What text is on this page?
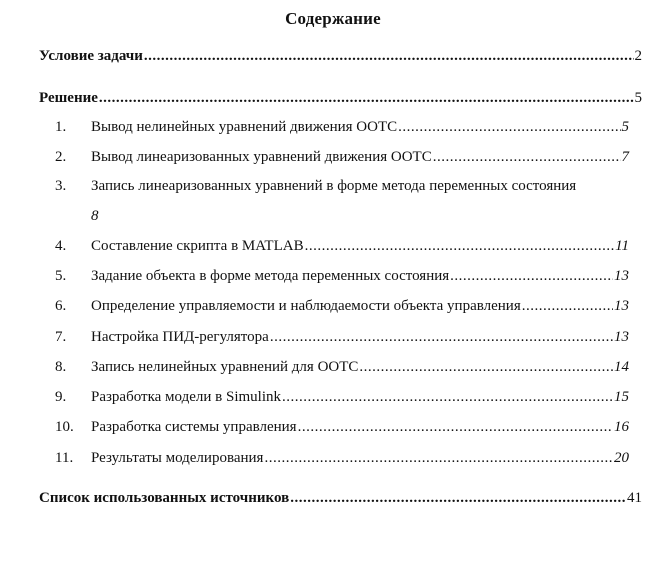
Содержание
Условие задачи .....	2
Решение .....	5
1. Вывод нелинейных уравнений движения ООТС .....	5
2. Вывод линеаризованных уравнений движения ООТС .....	7
3. Запись линеаризованных уравнений в форме метода переменных состояния
8
4. Составление скрипта в MATLAB .....	11
5. Задание объекта в форме метода переменных состояния .....	13
6. Определение управляемости и наблюдаемости объекта управления .....	13
7. Настройка ПИД-регулятора .....	13
8. Запись нелинейных уравнений для ООТС .....	14
9. Разработка модели в Simulink .....	15
10. Разработка системы управления .....	16
11. Результаты моделирования .....	20
Список использованных источников .....	41
